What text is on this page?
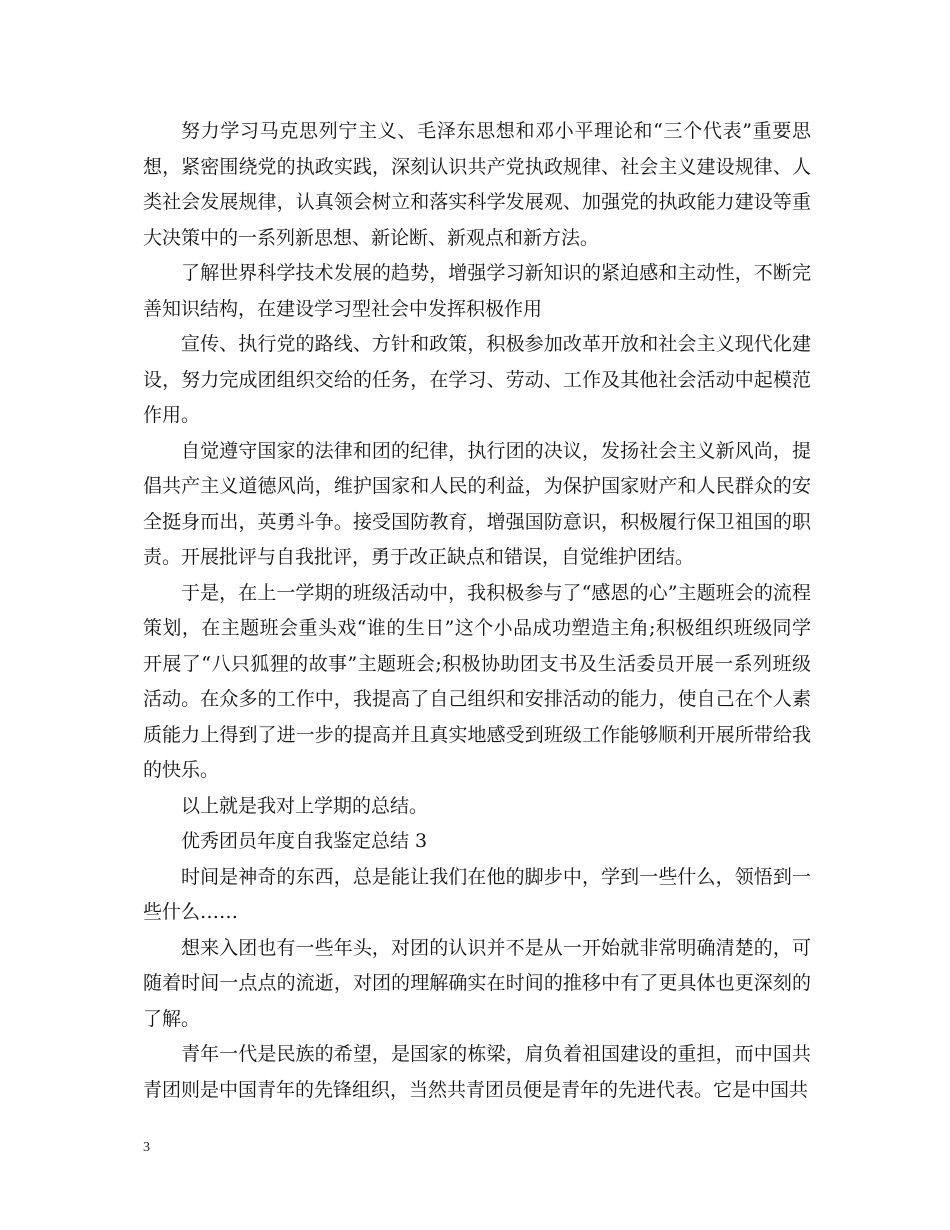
努力学习马克思列宁主义、毛泽东思想和邓小平理论和“三个代表”重要思想，紧密围绕党的执政实践，深刻认识共产党执政规律、社会主义建设规律、人类社会发展规律，认真领会树立和落实科学发展观、加强党的执政能力建设等重大决策中的一系列新思想、新论断、新观点和新方法。

了解世界科学技术发展的趋势，增强学习新知识的紧迫感和主动性，不断完善知识结构，在建设学习型社会中发挥积极作用

宣传、执行党的路线、方针和政策，积极参加改革开放和社会主义现代化建设，努力完成团组织交给的任务，在学习、劳动、工作及其他社会活动中起模范作用。

自觉遵守国家的法律和团的纪律，执行团的决议，发扬社会主义新风尚，提倡共产主义道德风尚，维护国家和人民的利益，为保护国家财产和人民群众的安全挺身而出，英勇斗争。接受国防教育，增强国防意识，积极履行保卫祖国的职责。开展批评与自我批评，勇于改正缺点和错误，自觉维护团结。

于是，在上一学期的班级活动中，我积极参与了“感恩的心”主题班会的流程策划，在主题班会重头戏“谁的生日”这个小品成功塑造主角;积极组织班级同学开展了“八只狐狸的故事”主题班会;积极协助团支书及生活委员开展一系列班级活动。在众多的工作中，我提高了自己组织和安排活动的能力，使自己在个人素质能力上得到了进一步的提高并且真实地感受到班级工作能够顺利开展所带给我的快乐。

以上就是我对上学期的总结。

优秀团员年度自我鉴定总结 3

时间是神奇的东西，总是能让我们在他的脚步中，学到一些什么，领悟到一些什么……

想来入团也有一些年头，对团的认识并不是从一开始就非常明确清楚的，可随着时间一点点的流逝，对团的理解确实在时间的推移中有了更具体也更深刻的了解。

青年一代是民族的希望，是国家的栋梁，肩负着祖国建设的重担，而中国共青团则是中国青年的先锋组织，当然共青团员便是青年的先进代表。它是中国共

3
